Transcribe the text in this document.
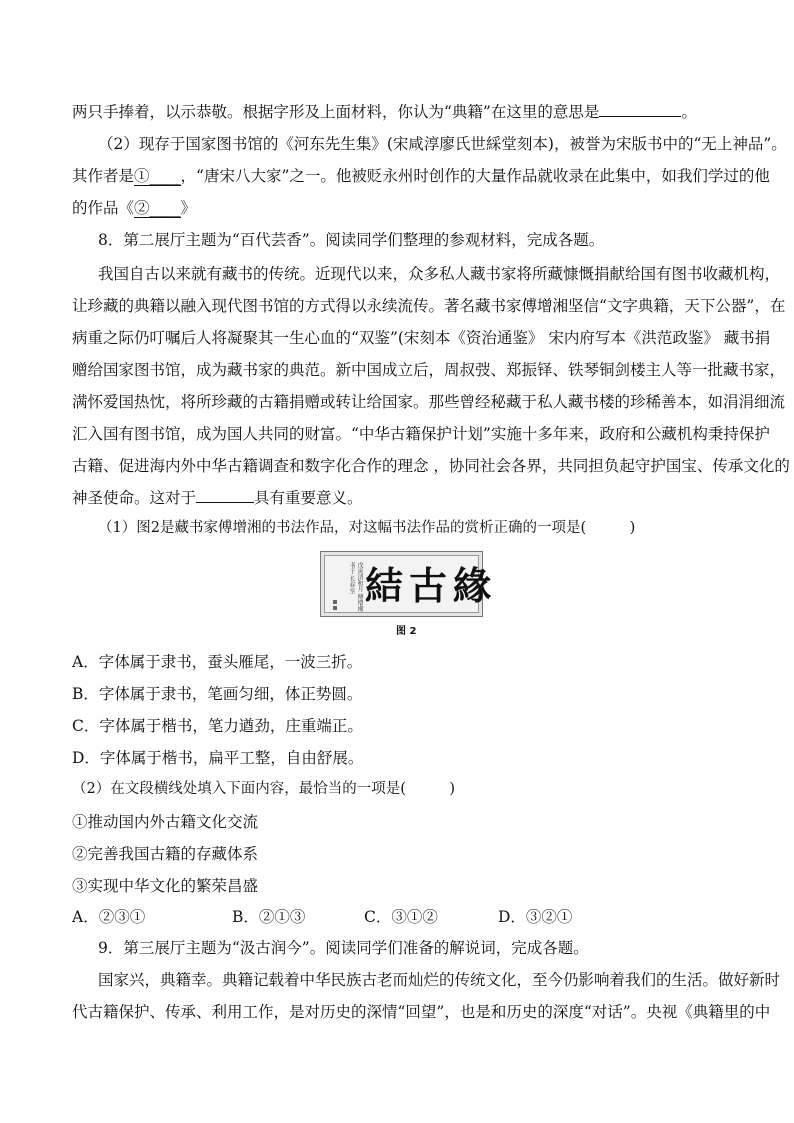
两只手捧着，以示恭敬。根据字形及上面材料，你认为“典籍”在这里的意思是	。
（2）现存于国家图书馆的《河东先生集》(宋咸淳廖氏世綵堂刻本)，被誉为宋版书中的“无上神品”。
其作者是①____，“唐宋八大家”之一。他被贬永州时创作的大量作品就收录在此集中，如我们学过的他
的作品《②____》
8．第二展厅主题为“百代芸香”。阅读同学们整理的参观材料，完成各题。
我国自古以来就有藏书的传统。近现代以来，众多私人藏书家将所藏慷慨捐献给国有图书收藏机构，
让珍藏的典籍以融入现代图书馆的方式得以永续流传。著名藏书家傅增湘坚信“文字典籍，天下公器”，在
病重之际仍叮嘱后人将凝聚其一生心血的“双鉴”(宋刻本《资治通鉴》 宋内府写本《洪范政鉴》 藏书捐
赠给国家图书馆，成为藏书家的典范。新中国成立后，周叔弢、郑振铎、铁琴铜剑楼主人等一批藏书家，
满怀爱国热忱，将所珍藏的古籍捐赠或转让给国家。那些曾经秘藏于私人藏书楼的珍稀善本，如涓涓细流
汇入国有图书馆，成为国人共同的财富。“中华古籍保护计划”实施十多年来，政府和公藏机构秉持保护
古籍、促进海内外中华古籍调查和数字化合作的理念 ，协同社会各界，共同担负起守护国宝、传承文化的
神圣使命。这对于	具有重要意义。
（1）图2是藏书家傅增湘的书法作品，对这幅书法作品的赏析正确的一项是(　　　)
戊寅清和月 傅增湘书于 长春室 結古緣
图 2
A．字体属于隶书，蚕头雁尾，一波三折。
B．字体属于隶书，笔画匀细，体正势圆。
C．字体属于楷书，笔力遒劲，庄重端正。
D．字体属于楷书，扁平工整，自由舒展。
（2）在文段横线处填入下面内容，最恰当的一项是(　　　)
①推动国内外古籍文化交流
②完善我国古籍的存藏体系
③实现中华文化的繁荣昌盛
A．②③①	B．②①③	C．③①②	D．③②①
9．第三展厅主题为“汲古润今”。阅读同学们准备的解说词，完成各题。
国家兴，典籍幸。典籍记载着中华民族古老而灿烂的传统文化，至今仍影响着我们的生活。做好新时
代古籍保护、传承、利用工作，是对历史的深情“回望”，也是和历史的深度“对话”。央视《典籍里的中
